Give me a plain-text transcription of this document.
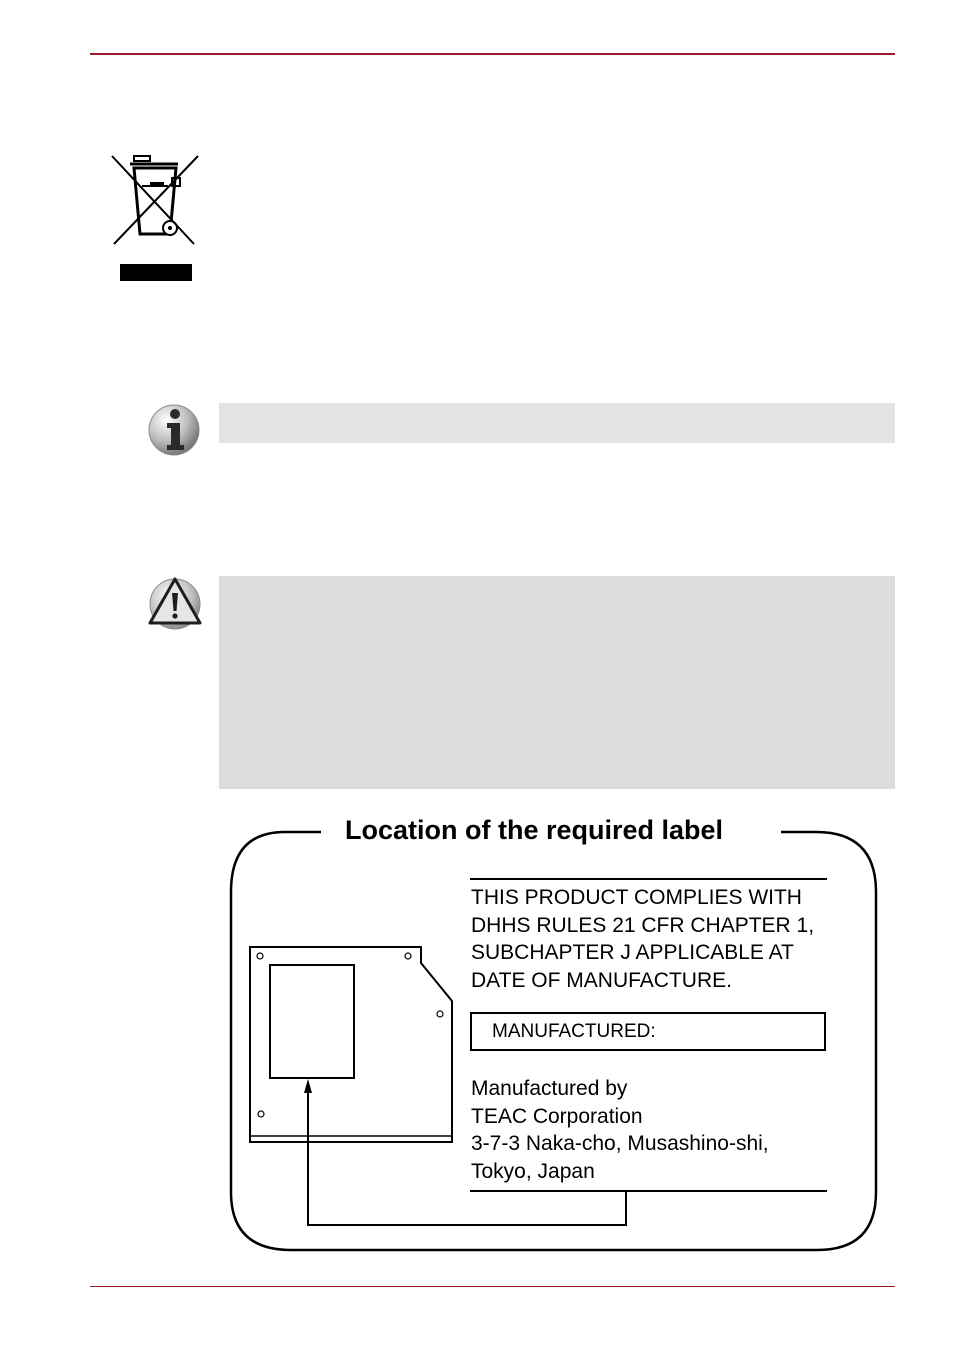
Location of the required label
THIS PRODUCT COMPLIES WITH
DHHS RULES 21 CFR CHAPTER 1,
SUBCHAPTER J APPLICABLE AT
DATE OF MANUFACTURE.
MANUFACTURED:
Manufactured by
TEAC Corporation
3-7-3 Naka-cho, Musashino-shi,
Tokyo, Japan
